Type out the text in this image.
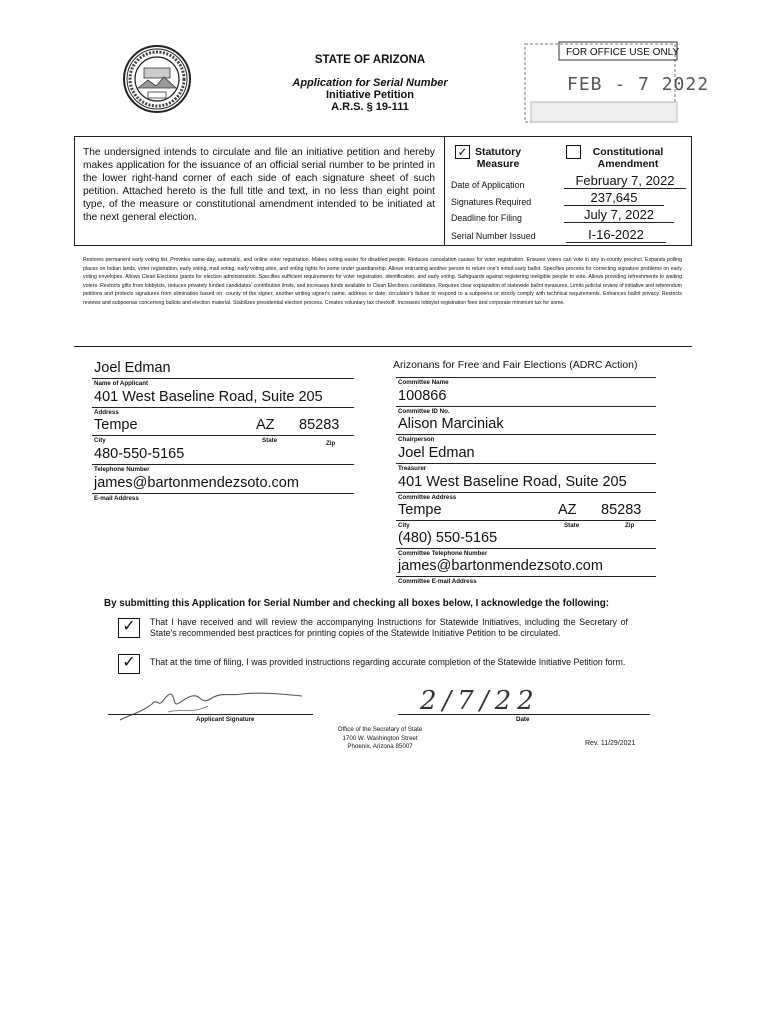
STATE OF ARIZONA
Application for Serial Number
Initiative Petition
A.R.S. § 19-111
FOR OFFICE USE ONLY
FEB - 7 2022
The undersigned intends to circulate and file an initiative petition and hereby makes application for the issuance of an official serial number to be printed in the lower right-hand corner of each side of each signature sheet of such petition. Attached hereto is the full title and text, in no less than eight point type, of the measure or constitutional amendment intended to be initiated at the next general election.
✓ Statutory
Measure
Constitutional
Amendment
Date of Application	February 7, 2022
Signatures Required	237,645
Deadline for Filing	July 7, 2022
Serial Number Issued	I-16-2022
Restores permanent early voting list. Provides same-day, automatic, and online voter registration. Makes voting easier for disabled people. Reduces cancelation causes for voter registration. Ensures voters can vote in any in-county precinct. Expands polling places on Indian lands, voter registration, early voting, mail voting, early voting sites, and voting rights for some under guardianship. Allows entrusting another person to return one's voted early ballot. Specifies process for correcting signature problems on early voting envelopes. Allows Clean Elections grants for election administration. Specifies sufficient requirements for voter registration, identification, and early voting. Safeguards against registering ineligible people to vote. Allows providing refreshments to waiting voters. Restricts gifts from lobbyists, reduces privately funded candidates' contribution limits, and increases funds available to Clean Elections candidates. Requires clear explanation of statewide ballot measures. Limits judicial review of initiative and referendum petitions and protects signatures from elimination based on: county of the signer; another writing signer's name, address or date; circulator's failure to respond to a subpoena or strictly comply with technical requirements. Enhances ballot privacy. Restricts reviews and subpoenas concerning ballots and election material. Stabilizes presidential election process. Creates voluntary tax checkoff. Increases lobbyist registration fees and corporate minimum tax for some.
Joel Edman
Name of Applicant
401 West Baseline Road, Suite 205
Address
Tempe	AZ 85283
City	State	Zip
480-550-5165
Telephone Number
james@bartonmendezsoto.com
E-mail Address
Arizonans for Free and Fair Elections (ADRC Action)
Committee Name
100866
Committee ID No.
Alison Marciniak
Chairperson
Joel Edman
Treasurer
401 West Baseline Road, Suite 205
Committee Address
Tempe	AZ 85283
City	State	Zip
(480) 550-5165
Committee Telephone Number
james@bartonmendezsoto.com
Committee E-mail Address
By submitting this Application for Serial Number and checking all boxes below, I acknowledge the following:
✓	That I have received and will review the accompanying Instructions for Statewide Initiatives, including the Secretary of State's recommended best practices for printing copies of the Statewide Initiative Petition to be circulated.
✓	That at the time of filing, I was provided instructions regarding accurate completion of the Statewide Initiative Petition form.
Applicant Signature
2/7/22
Date
Office of the Secretary of State
1700 W. Washington Street
Phoenix, Arizona 85007	Rev. 11/29/2021
